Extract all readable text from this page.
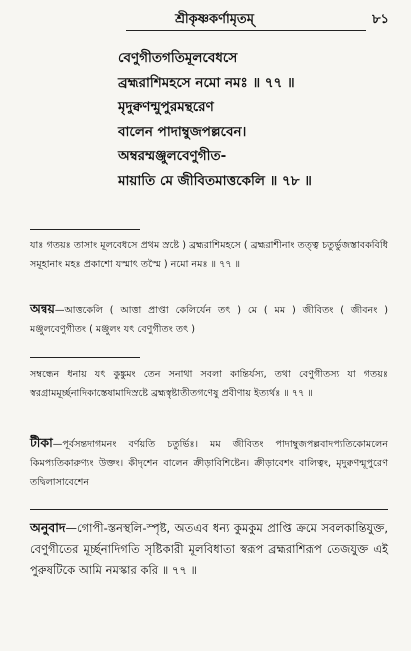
শ্রীকৃষ্ণকর্ণামৃতম্	৮১
বেণুগীতগতিমূলবেধসে
ব্রহ্মরাশিমহসে নমো নমঃ ॥ ৭৭ ॥
মৃদুক্বণন্মুপুরমন্থরেণ
বালেন পাদাম্বুজপল্লবেন।
অম্বরম্মঞ্জুলবেণুগীত-
মায়াতি মে জীবিতমাত্তকেলি ॥ ৭৮ ॥
যাঃ গতয়ঃ তাসাং মূলবেধসে প্রথম স্রষ্টে ) ব্রহ্মরাশিমহসে ( ব্রহ্মরাশীনাং তত্ত্ব চতুর্ভুজস্তাবকবিধি সমূহানাং মহঃ প্রকাশো যস্মাৎ তস্মৈ ) নমো নমঃ ॥ ৭৭ ॥
অন্বয়—আত্তকেলি ( আত্তা প্রাপ্তা কেলির্যেন তৎ ) মে ( মম ) জীবিতং ( জীবনং ) মঞ্জুলবেণুগীতং ( মঞ্জুলং যৎ বেণুগীতং তৎ )
সম্বন্ধেন ধনায় যৎ কুঙ্কুমং তেন সনাথা সবলা কান্তির্যস্য, তথা বেণুগীতস্য যা গতয়ঃ স্বরগ্রামমূর্চ্ছনাদিকাস্তেষামাদিস্রষ্টে ব্রহ্মস্বৃষ্টাতীতগণেষু প্রবীণায় ইত্যর্থঃ ॥ ৭৭ ॥
টীকা—পূর্বসন্তদাগমনং বর্ণয়তি চতুর্ভিঃ। মম জীবিতং পাদাম্বুজপল্লবাদপ্যতিকোমলেন কিমপ্যতিকারুণ্যং উক্তং। কীদৃশেন বালেন ক্রীড়াবিশিষ্টেন। ক্রীড়াবেশং বালিত্বং, মৃদুক্বণন্মূপুরেণ তদ্বিলাসাবেশেন
অনুবাদ—গোপী-স্তনস্থলি-স্পৃষ্ট, অতএব ধন্য কুমকুম প্রাপ্তি ক্রমে সবলকান্তিযুক্ত, বেণুগীতের মূর্চ্ছনাদিগতি সৃষ্টিকারী মূলবিধাতা স্বরূপ ব্রহ্মরাশিরূপ তেজযুক্ত এই পুরুষটিকে আমি নমস্কার করি ॥ ৭৭ ॥
